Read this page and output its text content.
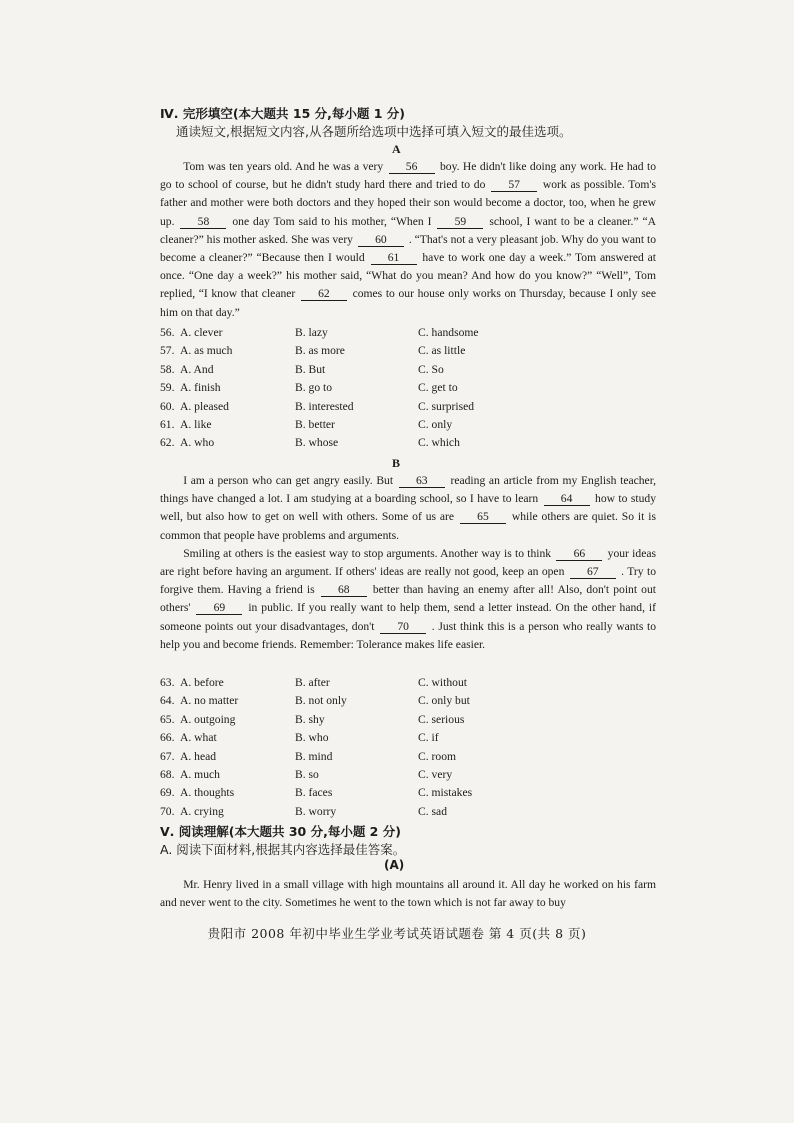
Ⅳ. 完形填空(本大题共 15 分,每小题 1 分)
通读短文,根据短文内容,从各题所给选项中选择可填入短文的最佳选项。
A

  Tom was ten years old. And he was a very 56 boy. He didn't like doing any work. He had to go to school of course, but he didn't study hard there and tried to do 57 work as possible. Tom's father and mother were both doctors and they hoped their son would become a doctor, too, when he grew up. 58 one day Tom said to his mother, “When I 59 school, I want to be a cleaner.” “A cleaner?” his mother asked. She was very 60 . “That's not a very pleasant job. Why do you want to become a cleaner?” “Because then I would 61 have to work one day a week.” Tom answered at once. “One day a week?” his mother said, “What do you mean? And how do you know?” “Well”, Tom replied, “I know that cleaner 62 comes to our house only works on Thursday, because I only see him on that day.”

56. A. clever	B. lazy	C. handsome
57. A. as much	B. as more	C. as little
58. A. And	B. But	C. So
59. A. finish	B. go to	C. get to
60. A. pleased	B. interested	C. surprised
61. A. like	B. better	C. only
62. A. who	B. whose	C. which
B

  I am a person who can get angry easily. But 63 reading an article from my English teacher, things have changed a lot. I am studying at a boarding school, so I have to learn 64 how to study well, but also how to get on well with others. Some of us are 65 while others are quiet. So it is common that people have problems and arguments.

  Smiling at others is the easiest way to stop arguments. Another way is to think 66 your ideas are right before having an argument. If others' ideas are really not good, keep an open 67 . Try to forgive them. Having a friend is 68 better than having an enemy after all! Also, don't point out others' 69 in public. If you really want to help them, send a letter instead. On the other hand, if someone points out your disadvantages, don't 70 . Just think this is a person who really wants to help you and become friends. Remember: Tolerance makes life easier.

63. A. before	B. after	C. without
64. A. no matter	B. not only	C. only but
65. A. outgoing	B. shy	C. serious
66. A. what	B. who	C. if
67. A. head	B. mind	C. room
68. A. much	B. so	C. very
69. A. thoughts	B. faces	C. mistakes
70. A. crying	B. worry	C. sad
Ⅴ. 阅读理解(本大题共 30 分,每小题 2 分)
A. 阅读下面材料,根据其内容选择最佳答案。
(A)

  Mr. Henry lived in a small village with high mountains all around it. All day he worked on his farm and never went to the city. Sometimes he went to the town which is not far away to buy

贵阳市 2008 年初中毕业生学业考试英语试题卷 第 4 页(共 8 页)
